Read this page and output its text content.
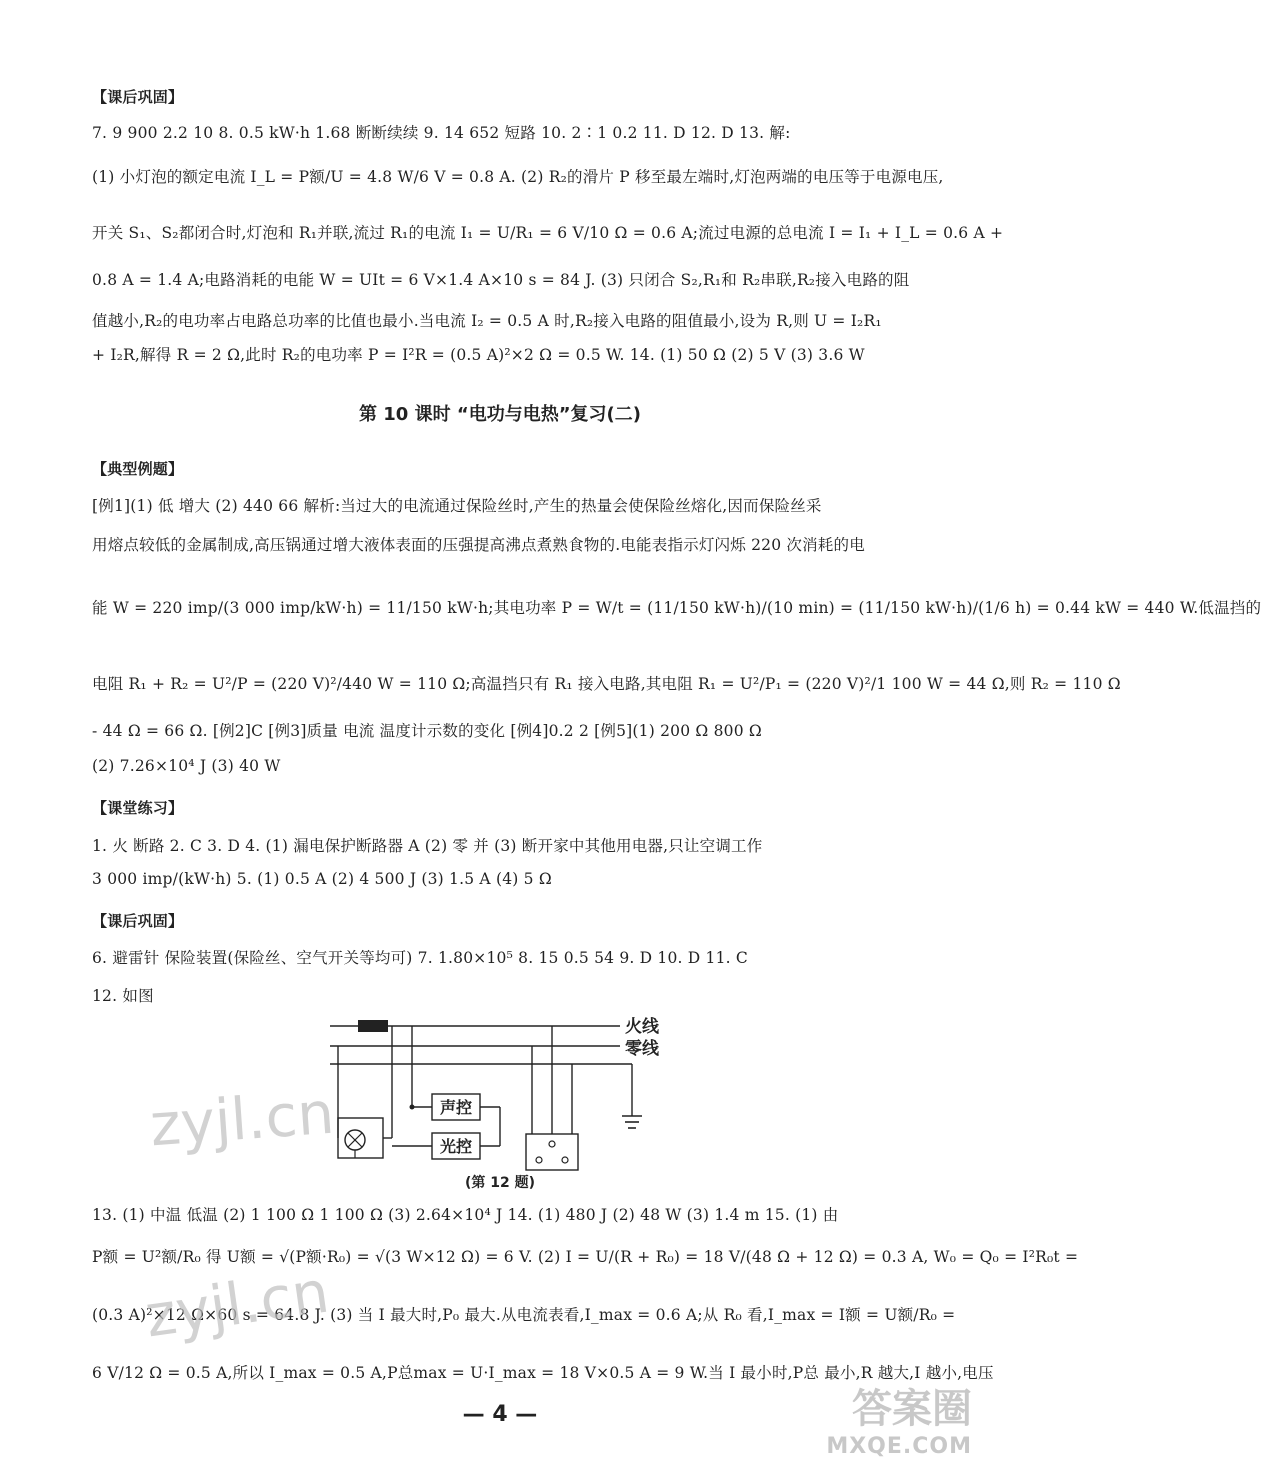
【课后巩固】
7. 9 900 2.2 10 8. 0.5 kW·h 1.68 断断续续 9. 14 652 短路 10. 2∶1 0.2 11. D 12. D 13. 解:
(1) 小灯泡的额定电流 I_L = P额/U = 4.8 W/6 V = 0.8 A. (2) R₂的滑片 P 移至最左端时,灯泡两端的电压等于电源电压,
开关 S₁、S₂都闭合时,灯泡和 R₁并联,流过 R₁的电流 I₁ = U/R₁ = 6 V/10 Ω = 0.6 A;流过电源的总电流 I = I₁ + I_L = 0.6 A +
0.8 A = 1.4 A;电路消耗的电能 W = UIt = 6 V×1.4 A×10 s = 84 J. (3) 只闭合 S₂,R₁和 R₂串联,R₂接入电路的阻
值越小,R₂的电功率占电路总功率的比值也最小.当电流 I₂ = 0.5 A 时,R₂接入电路的阻值最小,设为 R,则 U = I₂R₁
+ I₂R,解得 R = 2 Ω,此时 R₂的电功率 P = I²R = (0.5 A)²×2 Ω = 0.5 W. 14. (1) 50 Ω (2) 5 V (3) 3.6 W
第 10 课时 “电功与电热”复习(二)
【典型例题】
[例1](1) 低 增大 (2) 440 66 解析:当过大的电流通过保险丝时,产生的热量会使保险丝熔化,因而保险丝采
用熔点较低的金属制成,高压锅通过增大液体表面的压强提高沸点煮熟食物的.电能表指示灯闪烁 220 次消耗的电
能 W = 220 imp/(3 000 imp/kW·h) = 11/150 kW·h;其电功率 P = W/t = (11/150 kW·h)/(10 min) = (11/150 kW·h)/(1/6 h) = 0.44 kW = 440 W.低温挡的
电阻 R₁ + R₂ = U²/P = (220 V)²/440 W = 110 Ω;高温挡只有 R₁ 接入电路,其电阻 R₁ = U²/P₁ = (220 V)²/1 100 W = 44 Ω,则 R₂ = 110 Ω
- 44 Ω = 66 Ω. [例2]C [例3]质量 电流 温度计示数的变化 [例4]0.2 2 [例5](1) 200 Ω 800 Ω
(2) 7.26×10⁴ J (3) 40 W
【课堂练习】
1. 火 断路 2. C 3. D 4. (1) 漏电保护断路器 A (2) 零 并 (3) 断开家中其他用电器,只让空调工作
3 000 imp/(kW·h) 5. (1) 0.5 A (2) 4 500 J (3) 1.5 A (4) 5 Ω
【课后巩固】
6. 避雷针 保险装置(保险丝、空气开关等均可) 7. 1.80×10⁵ 8. 15 0.5 54 9. D 10. D 11. C
12. 如图
火线
零线
声控
光控
(第 12 题)
13. (1) 中温 低温 (2) 1 100 Ω 1 100 Ω (3) 2.64×10⁴ J 14. (1) 480 J (2) 48 W (3) 1.4 m 15. (1) 由
P额 = U²额/R₀ 得 U额 = √(P额·R₀) = √(3 W×12 Ω) = 6 V. (2) I = U/(R + R₀) = 18 V/(48 Ω + 12 Ω) = 0.3 A, W₀ = Q₀ = I²R₀t =
(0.3 A)²×12 Ω×60 s = 64.8 J. (3) 当 I 最大时,P₀ 最大.从电流表看,I_max = 0.6 A;从 R₀ 看,I_max = I额 = U额/R₀ =
6 V/12 Ω = 0.5 A,所以 I_max = 0.5 A,P总max = U·I_max = 18 V×0.5 A = 9 W.当 I 最小时,P总 最小,R 越大,I 越小,电压
— 4 —
zyjl.cn
zyjl.cn
答案圈
MXQE.COM
